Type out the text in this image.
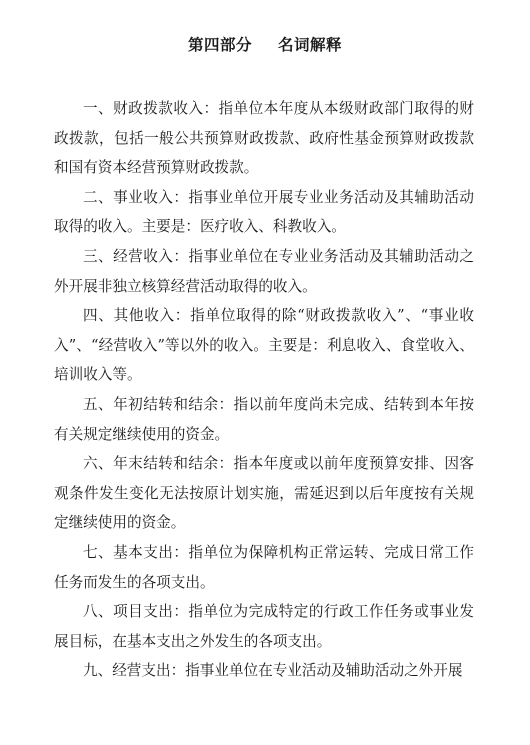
第四部分 名词解释
一、财政拨款收入：指单位本年度从本级财政部门取得的财
政拨款，包括一般公共预算财政拨款、政府性基金预算财政拨款
和国有资本经营预算财政拨款。
二、事业收入：指事业单位开展专业业务活动及其辅助活动
取得的收入。主要是：医疗收入、科教收入。
三、经营收入：指事业单位在专业业务活动及其辅助活动之
外开展非独立核算经营活动取得的收入。
四、其他收入：指单位取得的除“财政拨款收入”、“事业收
入”、“经营收入”等以外的收入。主要是：利息收入、食堂收入、
培训收入等。
五、年初结转和结余：指以前年度尚未完成、结转到本年按
有关规定继续使用的资金。
六、年末结转和结余：指本年度或以前年度预算安排、因客
观条件发生变化无法按原计划实施，需延迟到以后年度按有关规
定继续使用的资金。
七、基本支出：指单位为保障机构正常运转、完成日常工作
任务而发生的各项支出。
八、项目支出：指单位为完成特定的行政工作任务或事业发
展目标，在基本支出之外发生的各项支出。
九、经营支出：指事业单位在专业活动及辅助活动之外开展
